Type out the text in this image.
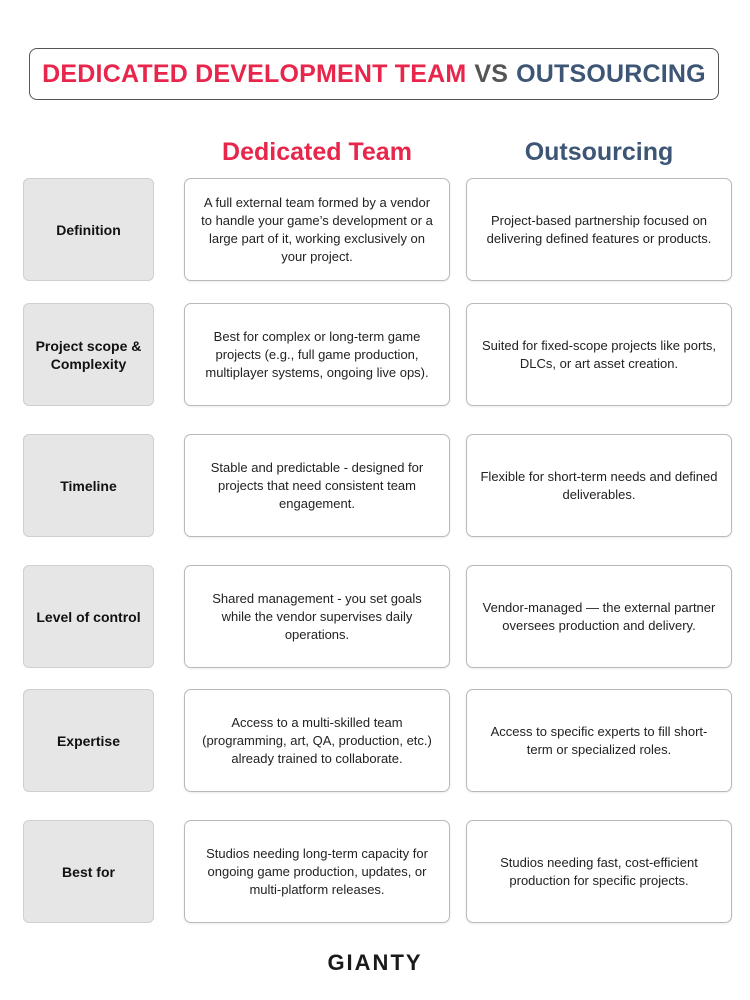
DEDICATED DEVELOPMENT TEAM VS OUTSOURCING
Dedicated Team	Outsourcing
Definition
A full external team formed by a vendor to handle your game’s development or a large part of it, working exclusively on your project.
Project-based partnership focused on delivering defined features or products.
Project scope & Complexity
Best for complex or long-term game projects (e.g., full game production, multiplayer systems, ongoing live ops).
Suited for fixed-scope projects like ports, DLCs, or art asset creation.
Timeline
Stable and predictable - designed for projects that need consistent team engagement.
Flexible for short-term needs and defined deliverables.
Level of control
Shared management - you set goals while the vendor supervises daily operations.
Vendor-managed — the external partner oversees production and delivery.
Expertise
Access to a multi-skilled team (programming, art, QA, production, etc.) already trained to collaborate.
Access to specific experts to fill short-term or specialized roles.
Best for
Studios needing long-term capacity for ongoing game production, updates, or multi-platform releases.
Studios needing fast, cost-efficient production for specific projects.
GIANTY
